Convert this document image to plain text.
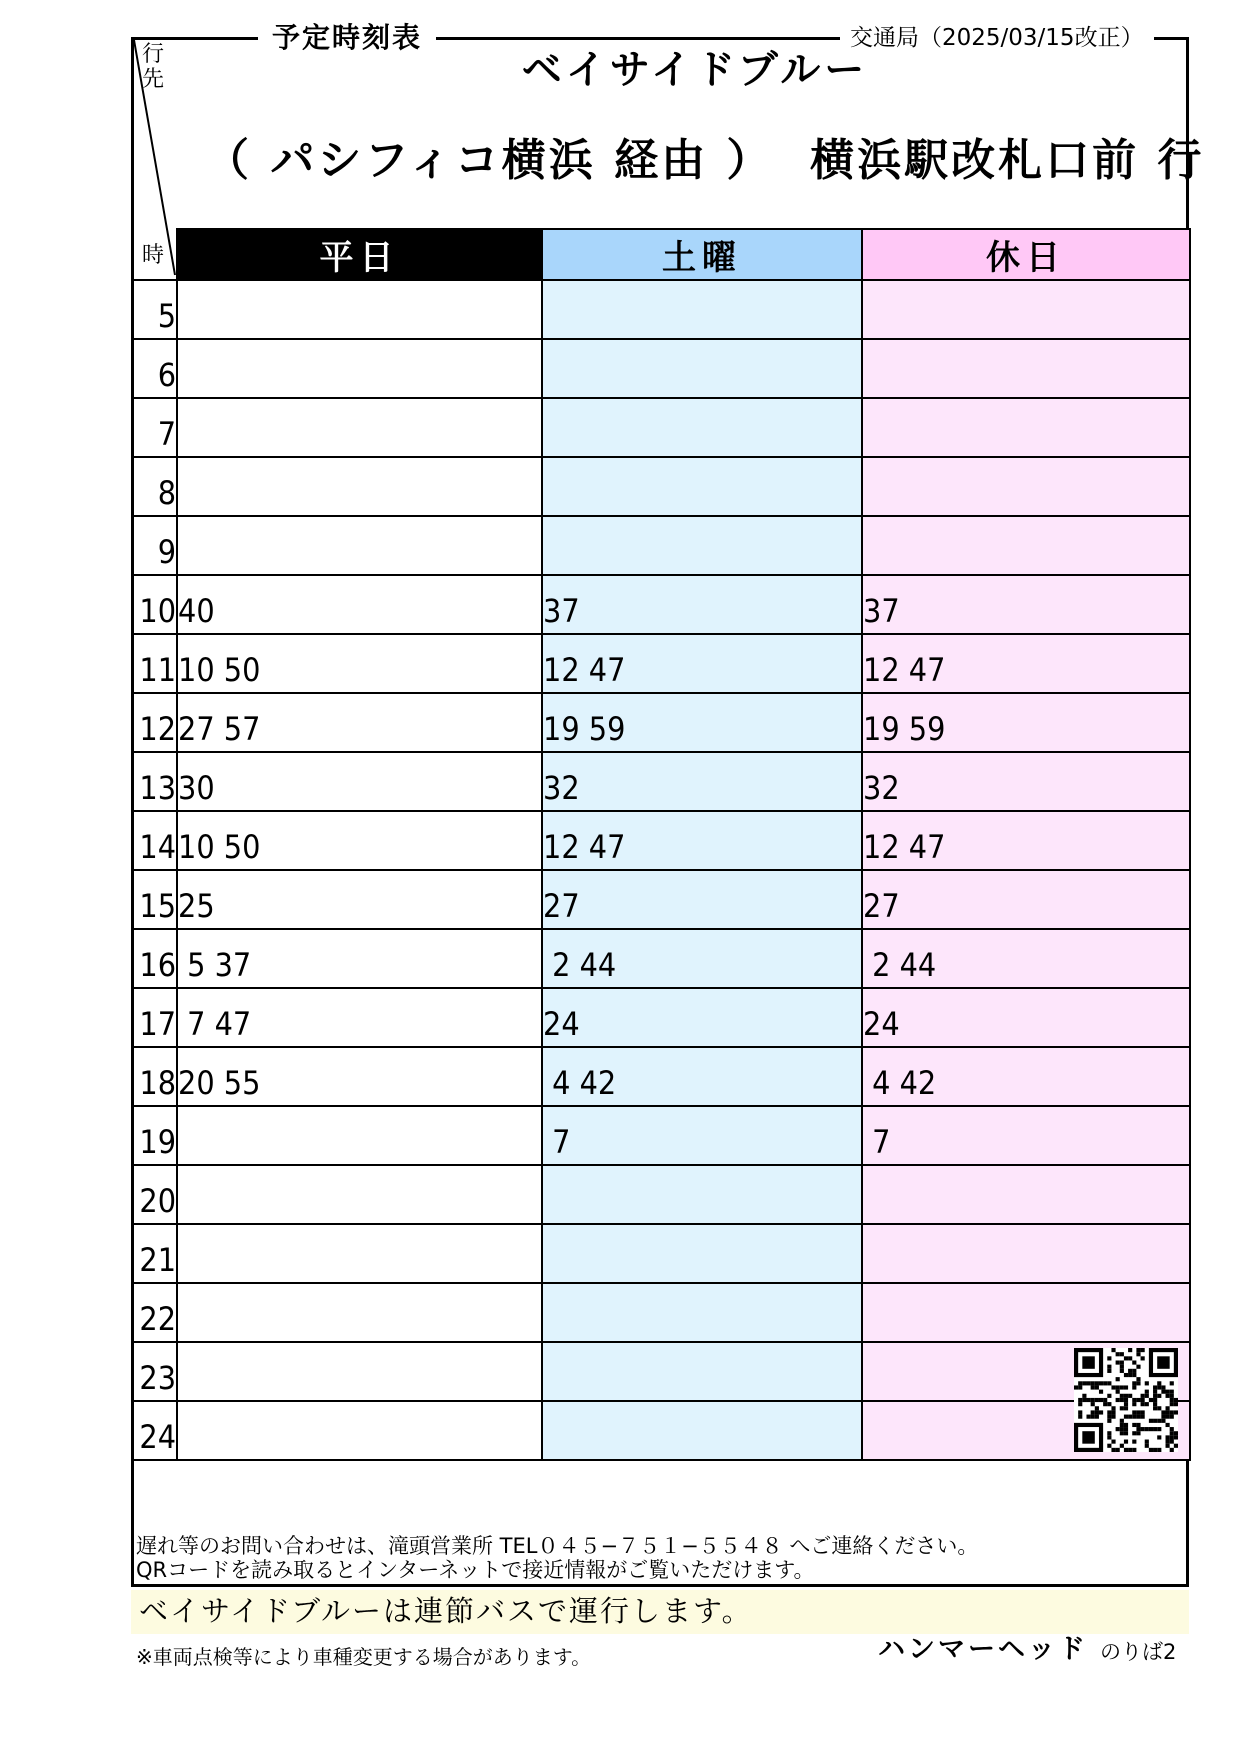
予定時刻表	交通局（2025/03/15改正）
ベイサイドブルー
（ パシフィコ横浜 経由 ）  横浜駅改札口前 行
行先
時
		平日	土曜	休日
5			
6			
7			
8			
9			
10	40	37	37
11	10 50	12 47	12 47
12	27 57	19 59	19 59
13	30	32	32
14	10 50	12 47	12 47
15	25	27	27
16	5 37	2 44	2 44
17	7 47	24	24
18	20 55	4 42	4 42
19		7	7
20			
21			
22			
23			
24			
遅れ等のお問い合わせは、滝頭営業所 TEL０４５−７５１−５５４８ へご連絡ください。
QRコードを読み取るとインターネットで接近情報がご覧いただけます。
ベイサイドブルーは連節バスで運行します。
※車両点検等により車種変更する場合があります。	ハンマーヘッド のりば2
